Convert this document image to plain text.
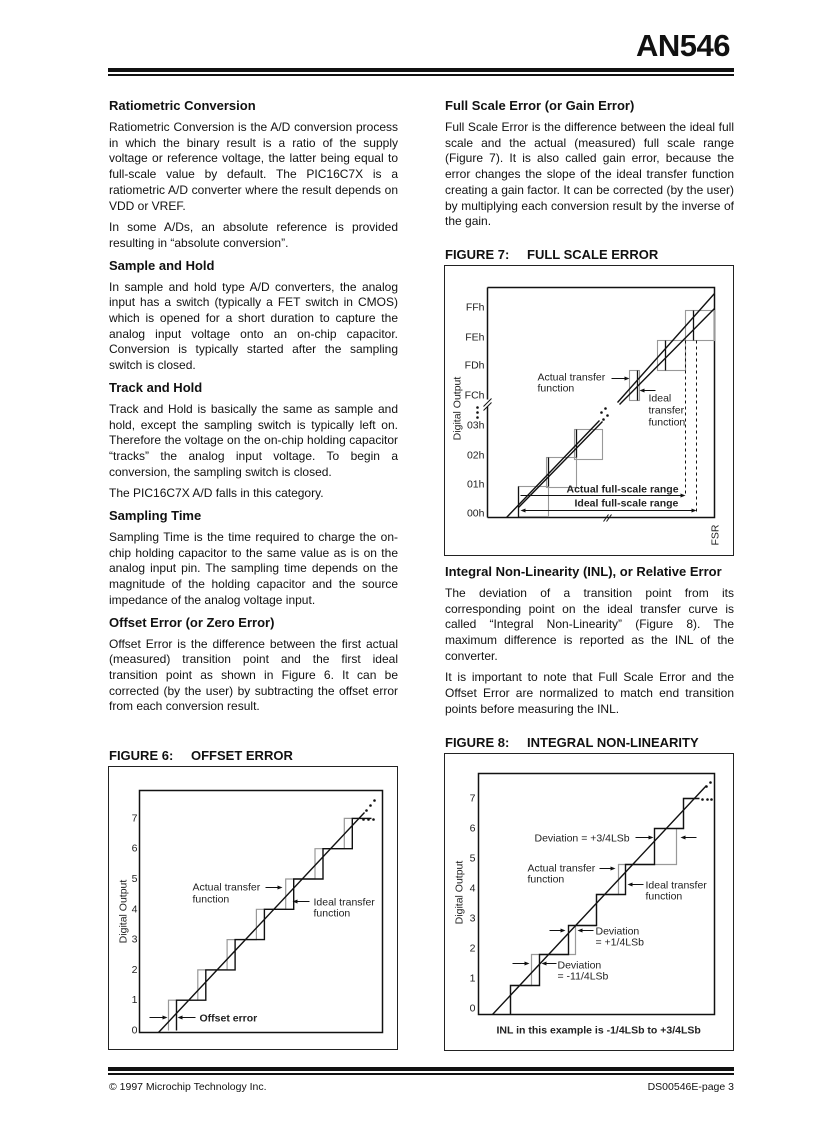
AN546
Ratiometric Conversion
Ratiometric Conversion is the A/D conversion process in which the binary result is a ratio of the supply voltage or reference voltage, the latter being equal to full-scale value by default. The PIC16C7X is a ratiometric A/D converter where the result depends on VDD or VREF.
In some A/Ds, an absolute reference is provided resulting in “absolute conversion”.
Sample and Hold
In sample and hold type A/D converters, the analog input has a switch (typically a FET switch in CMOS) which is opened for a short duration to capture the analog input voltage onto an on-chip capacitor. Conversion is typically started after the sampling switch is closed.
Track and Hold
Track and Hold is basically the same as sample and hold, except the sampling switch is typically left on. Therefore the voltage on the on-chip holding capacitor “tracks” the analog input voltage. To begin a conversion, the sampling switch is closed.
The PIC16C7X A/D falls in this category.
Sampling Time
Sampling Time is the time required to charge the on-chip holding capacitor to the same value as is on the analog input pin. The sampling time depends on the magnitude of the holding capacitor and the source impedance of the analog voltage input.
Offset Error (or Zero Error)
Offset Error is the difference between the first actual (measured) transition point and the first ideal transition point as shown in Figure 6. It can be corrected (by the user) by subtracting the offset error from each conversion result.
FIGURE 6: OFFSET ERROR
Digital Output
0
1
2
3
4
5
6
7
Actual transfer
function	Ideal transfer
function
Offset error
Full Scale Error (or Gain Error)
Full Scale Error is the difference between the ideal full scale and the actual (measured) full scale range (Figure 7). It is also called gain error, because the error changes the slope of the ideal transfer function creating a gain factor. It can be corrected (by the user) by multiplying each conversion result by the inverse of the gain.
FIGURE 7: FULL SCALE ERROR
Digital Output
00h
01h
02h
03h
FCh
FDh
FEh
FFh
Actual transfer
function
Ideal
transfer
function
Actual full-scale range
Ideal full-scale range
FSR
Integral Non-Linearity (INL), or Relative Error
The deviation of a transition point from its corresponding point on the ideal transfer curve is called “Integral Non-Linearity” (Figure 8). The maximum difference is reported as the INL of the converter.
It is important to note that Full Scale Error and the Offset Error are normalized to match end transition points before measuring the INL.
FIGURE 8: INTEGRAL NON-LINEARITY
Digital Output
0
1
2
3
4
5
6
7
Deviation = +3/4LSb
Actual transfer
function	Ideal transfer
function
Deviation
= +1/4LSb
Deviation
= -11/4LSb
INL in this example is -1/4LSb to +3/4LSb
© 1997 Microchip Technology Inc.	DS00546E-page 3
